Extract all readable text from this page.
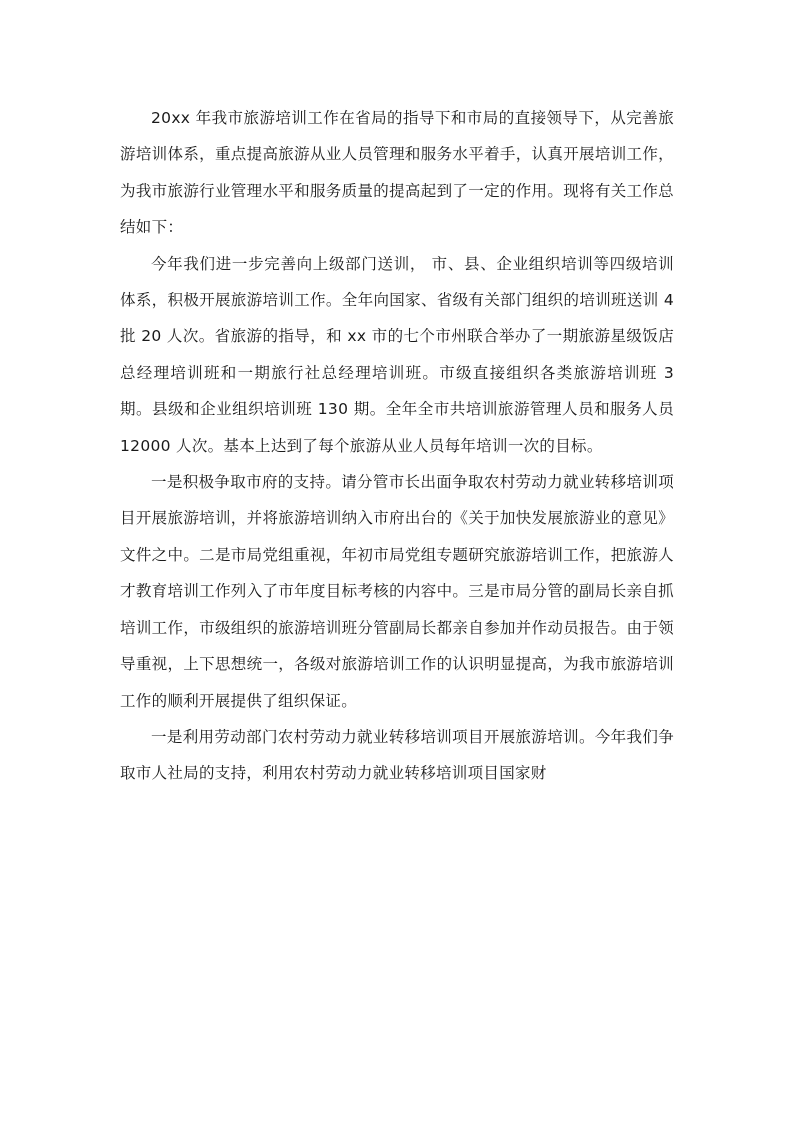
20xx 年我市旅游培训工作在省局的指导下和市局的直接领导下，从完善旅游培训体系，重点提高旅游从业人员管理和服务水平着手，认真开展培训工作，为我市旅游行业管理水平和服务质量的提高起到了一定的作用。现将有关工作总结如下：

今年我们进一步完善向上级部门送训， 市、县、企业组织培训等四级培训体系，积极开展旅游培训工作。全年向国家、省级有关部门组织的培训班送训 4 批 20 人次。省旅游的指导，和 xx 市的七个市州联合举办了一期旅游星级饭店总经理培训班和一期旅行社总经理培训班。市级直接组织各类旅游培训班 3 期。县级和企业组织培训班 130 期。全年全市共培训旅游管理人员和服务人员 12000 人次。基本上达到了每个旅游从业人员每年培训一次的目标。

一是积极争取市府的支持。请分管市长出面争取农村劳动力就业转移培训项目开展旅游培训，并将旅游培训纳入市府出台的《关于加快发展旅游业的意见》文件之中。二是市局党组重视，年初市局党组专题研究旅游培训工作，把旅游人才教育培训工作列入了市年度目标考核的内容中。三是市局分管的副局长亲自抓培训工作，市级组织的旅游培训班分管副局长都亲自参加并作动员报告。由于领导重视，上下思想统一，各级对旅游培训工作的认识明显提高，为我市旅游培训工作的顺利开展提供了组织保证。

一是利用劳动部门农村劳动力就业转移培训项目开展旅游培训。今年我们争取市人社局的支持，利用农村劳动力就业转移培训项目国家财
